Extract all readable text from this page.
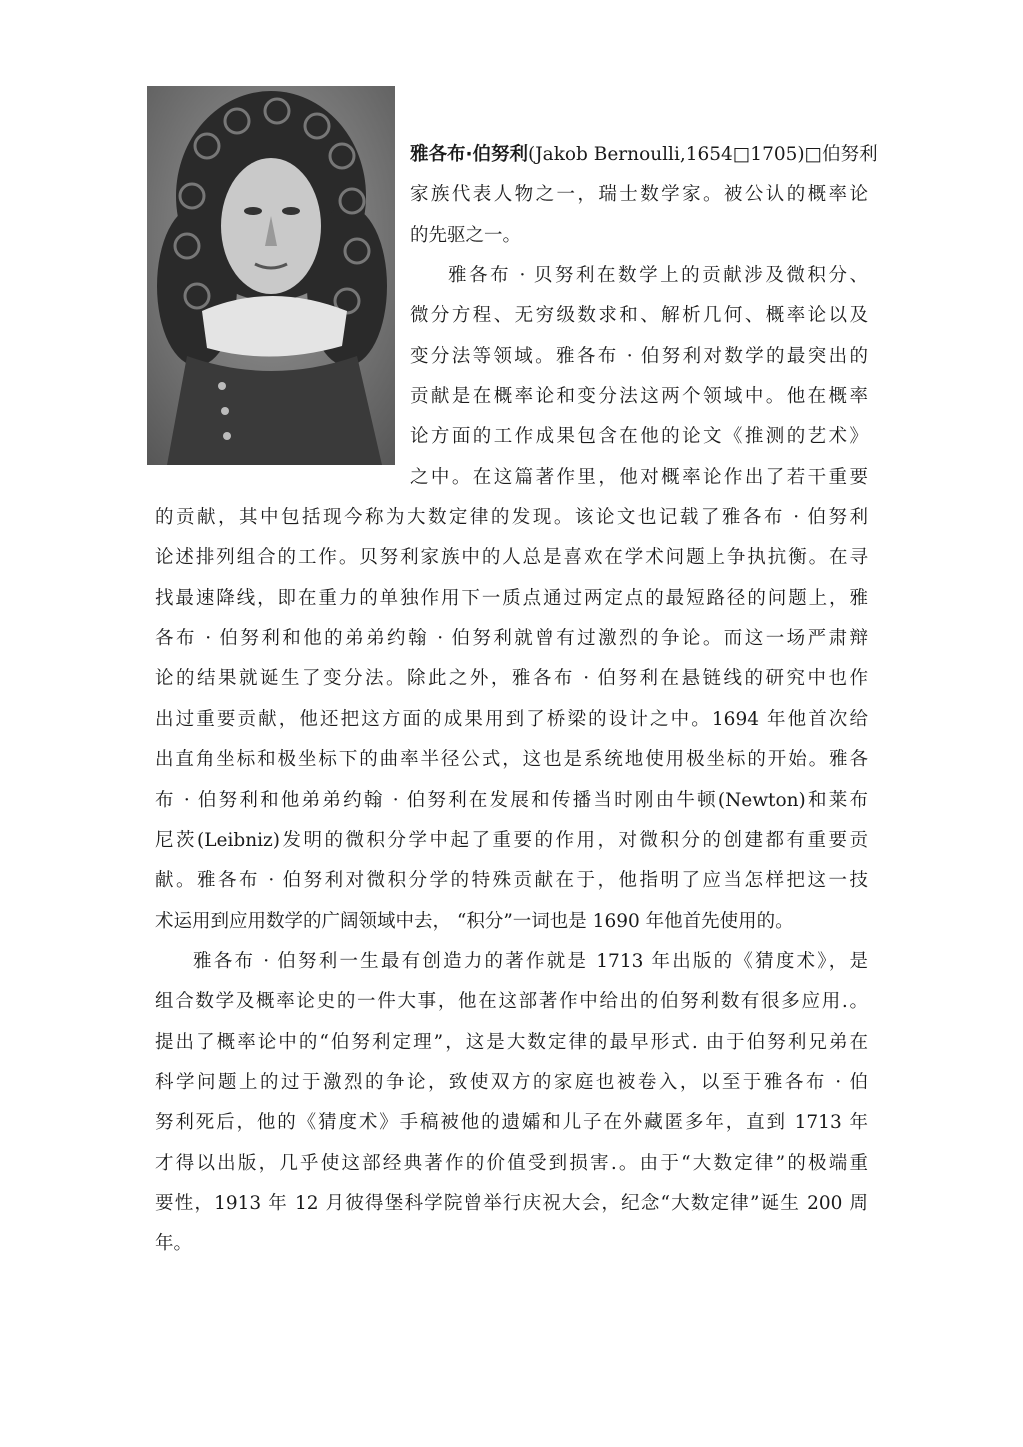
雅各布·伯努利(Jakob Bernoulli,1654□1705)□伯努利
家族代表人物之一，瑞士数学家。被公认的概率论
的先驱之一。
雅各布 · 贝努利在数学上的贡献涉及微积分、
微分方程、无穷级数求和、解析几何、概率论以及
变分法等领域。雅各布 · 伯努利对数学的最突出的
贡献是在概率论和变分法这两个领域中。他在概率
论方面的工作成果包含在他的论文《推测的艺术》
之中。在这篇著作里，他对概率论作出了若干重要
的贡献，其中包括现今称为大数定律的发现。该论文也记载了雅各布 · 伯努利
论述排列组合的工作。贝努利家族中的人总是喜欢在学术问题上争执抗衡。在寻
找最速降线，即在重力的单独作用下一质点通过两定点的最短路径的问题上，雅
各布 · 伯努利和他的弟弟约翰 · 伯努利就曾有过激烈的争论。而这一场严肃辩
论的结果就诞生了变分法。除此之外，雅各布 · 伯努利在悬链线的研究中也作
出过重要贡献，他还把这方面的成果用到了桥梁的设计之中。1694 年他首次给
出直角坐标和极坐标下的曲率半径公式，这也是系统地使用极坐标的开始。雅各
布 · 伯努利和他弟弟约翰 · 伯努利在发展和传播当时刚由牛顿(Newton)和莱布
尼茨(Leibniz)发明的微积分学中起了重要的作用，对微积分的创建都有重要贡
献。雅各布 · 伯努利对微积分学的特殊贡献在于，他指明了应当怎样把这一技
术运用到应用数学的广阔领域中去， “积分”一词也是 1690 年他首先使用的。
雅各布 · 伯努利一生最有创造力的著作就是 1713 年出版的《猜度术》，是
组合数学及概率论史的一件大事，他在这部著作中给出的伯努利数有很多应用.。
提出了概率论中的“伯努利定理”，这是大数定律的最早形式. 由于伯努利兄弟在
科学问题上的过于激烈的争论，致使双方的家庭也被卷入，以至于雅各布 · 伯
努利死后，他的《猜度术》手稿被他的遗孀和儿子在外藏匿多年，直到 1713 年
才得以出版，几乎使这部经典著作的价值受到损害.。由于“大数定律”的极端重
要性，1913 年 12 月彼得堡科学院曾举行庆祝大会，纪念“大数定律”诞生 200 周
年。
